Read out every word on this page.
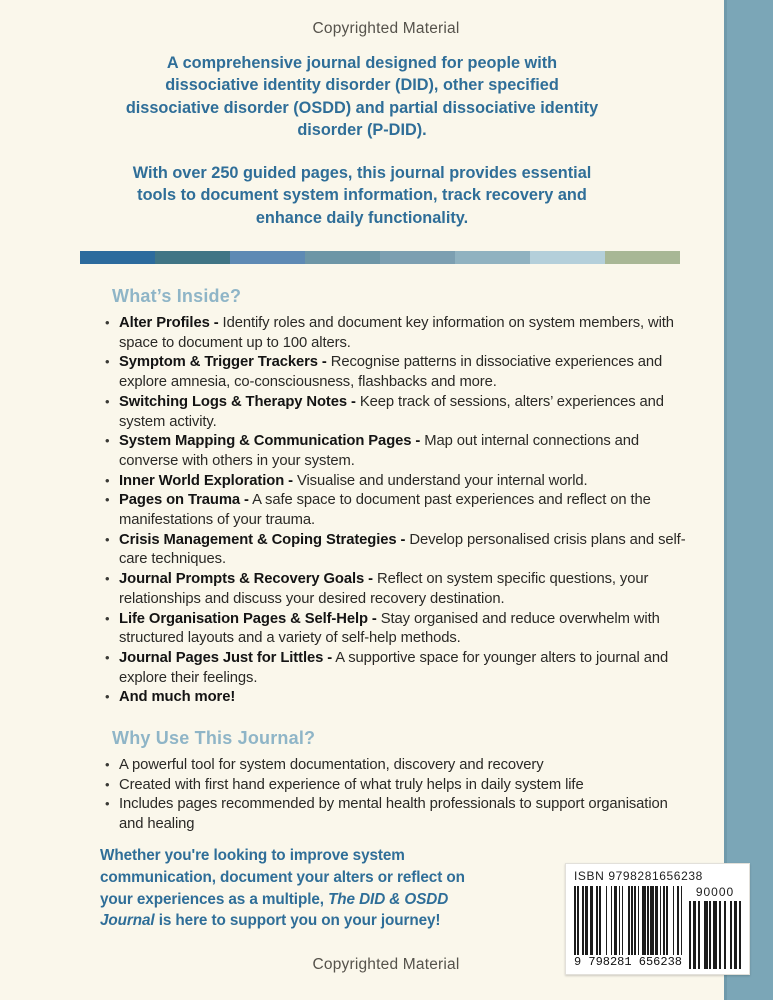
Copyrighted Material

A comprehensive journal designed for people with dissociative identity disorder (DID), other specified dissociative disorder (OSDD) and partial dissociative identity disorder (P-DID).

With over 250 guided pages, this journal provides essential tools to document system information, track recovery and enhance daily functionality.

What’s Inside?
• Alter Profiles - Identify roles and document key information on system members, with space to document up to 100 alters.
• Symptom & Trigger Trackers - Recognise patterns in dissociative experiences and explore amnesia, co-consciousness, flashbacks and more.
• Switching Logs & Therapy Notes - Keep track of sessions, alters’ experiences and system activity.
• System Mapping & Communication Pages - Map out internal connections and converse with others in your system.
• Inner World Exploration - Visualise and understand your internal world.
• Pages on Trauma - A safe space to document past experiences and reflect on the manifestations of your trauma.
• Crisis Management & Coping Strategies - Develop personalised crisis plans and self-care techniques.
• Journal Prompts & Recovery Goals - Reflect on system specific questions, your relationships and discuss your desired recovery destination.
• Life Organisation Pages & Self-Help - Stay organised and reduce overwhelm with structured layouts and a variety of self-help methods.
• Journal Pages Just for Littles - A supportive space for younger alters to journal and explore their feelings.
• And much more!
Why Use This Journal?
• A powerful tool for system documentation, discovery and recovery
• Created with first hand experience of what truly helps in daily system life
• Includes pages recommended by mental health professionals to support organisation and healing
Whether you're looking to improve system communication, document your alters or reflect on your experiences as a multiple, The DID & OSDD Journal is here to support you on your journey!
ISBN 9798281656238
9 798281 656238
90000
Copyrighted Material
